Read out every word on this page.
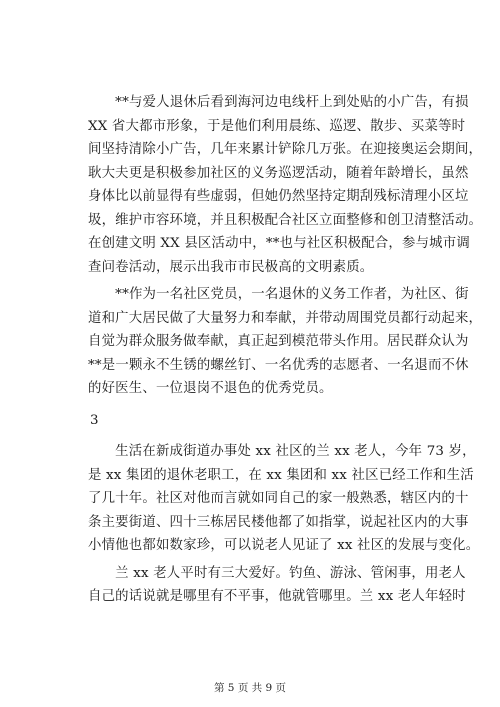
　　**与爱人退休后看到海河边电线杆上到处贴的小广告，有损
XX 省大都市形象，于是他们利用晨练、巡逻、散步、买菜等时
间坚持清除小广告，几年来累计铲除几万张。在迎接奥运会期间，
耿大夫更是积极参加社区的义务巡逻活动，随着年龄增长，虽然
身体比以前显得有些虚弱，但她仍然坚持定期刮残标清理小区垃
圾，维护市容环境，并且积极配合社区立面整修和创卫清整活动。
在创建文明 XX 县区活动中，**也与社区积极配合，参与城市调
查问卷活动，展示出我市市民极高的文明素质。
　　**作为一名社区党员，一名退休的义务工作者，为社区、街
道和广大居民做了大量努力和奉献，并带动周围党员都行动起来，
自觉为群众服务做奉献，真正起到模范带头作用。居民群众认为
**是一颗永不生锈的螺丝钉、一名优秀的志愿者、一名退而不休
的好医生、一位退岗不退色的优秀党员。
3
　　生活在新成街道办事处 xx 社区的兰 xx 老人，今年 73 岁，
是 xx 集团的退休老职工，在 xx 集团和 xx 社区已经工作和生活
了几十年。社区对他而言就如同自己的家一般熟悉，辖区内的十
条主要街道、四十三栋居民楼他都了如指掌，说起社区内的大事
小情他也都如数家珍，可以说老人见证了 xx 社区的发展与变化。
　　兰 xx 老人平时有三大爱好。钓鱼、游泳、管闲事，用老人
自己的话说就是哪里有不平事，他就管哪里。兰 xx 老人年轻时
第 5 页 共 9 页
